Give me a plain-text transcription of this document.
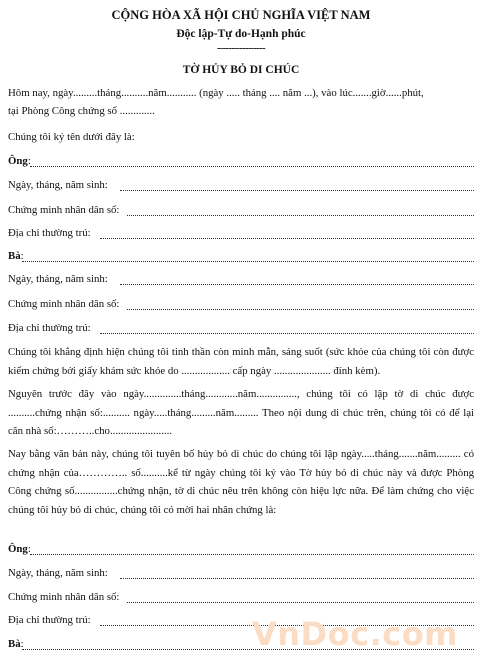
CỘNG HÒA XÃ HỘI CHỦ NGHĨA VIỆT NAM
Độc lập-Tự do-Hạnh phúc
-----------------
TỜ HỦY BỎ DI CHÚC
Hôm nay, ngày.........tháng..........năm........... (ngày ..... tháng .... năm ...), vào lúc.......giờ......phút,
tại Phòng Công chứng số .............
Chúng tôi ký tên dưới đây là:
Ông:
Ngày, tháng, năm sinh:
Chứng minh nhân dân số:
Địa chỉ thường trú:
Bà:
Ngày, tháng, năm sinh:
Chứng minh nhân dân số:
Địa chỉ thường trú:
Chúng tôi khẳng định hiện chúng tôi tinh thần còn minh mẫn, sáng suốt (sức khỏe của chúng tôi còn được kiểm chứng bởi giấy khám sức khỏe do .................. cấp ngày ..................... đính kèm).
Nguyên trước đây vào ngày..............tháng............năm..............., chúng tôi có lập tờ di chúc được ..........chứng nhận số:.......... ngày.....tháng.........năm......... Theo nội dung di chúc trên, chúng tôi có để lại căn nhà số:………..cho.......................
Nay bằng văn bản này, chúng tôi tuyên bố hủy bỏ di chúc do chúng tôi lập ngày.....tháng.......năm......... có chứng nhận của………….. số..........kể từ ngày chúng tôi ký vào Tờ hủy bỏ di chúc này và được Phòng Công chứng số................chứng nhận, tờ di chúc nêu trên không còn hiệu lực nữa. Để làm chứng cho việc chúng tôi hủy bỏ di chúc, chúng tôi có mời hai nhân chứng là:
Ông:
Ngày, tháng, năm sinh:
Chứng minh nhân dân số:
Địa chỉ thường trú:
Bà:	VnDoc.com
